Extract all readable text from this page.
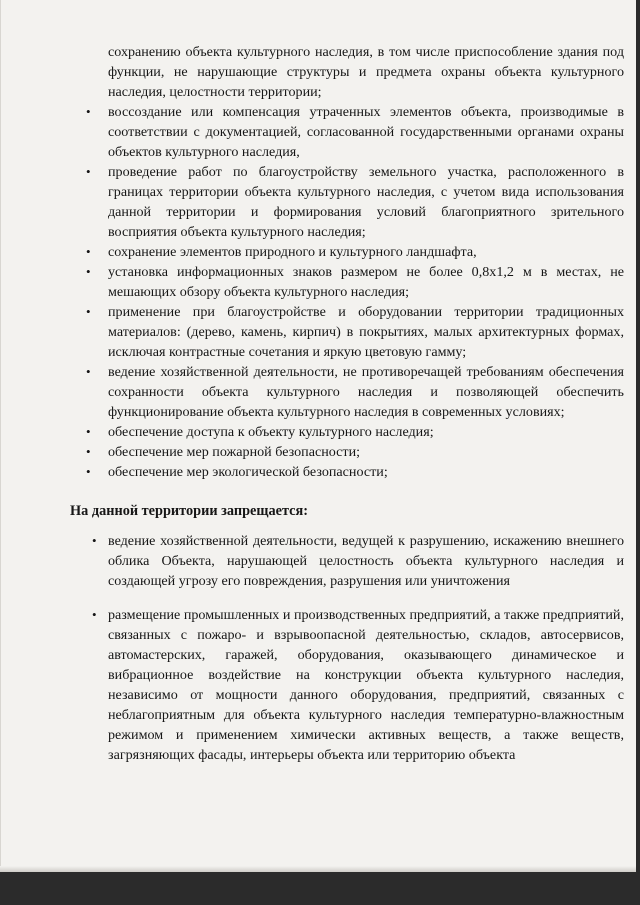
сохранению объекта культурного наследия, в том числе приспособление здания под функции, не нарушающие структуры и предмета охраны объекта культурного наследия, целостности территории;

• воссоздание или компенсация утраченных элементов объекта, производимые в соответствии с документацией, согласованной государственными органами охраны объектов культурного наследия,
• проведение работ по благоустройству земельного участка, расположенного в границах территории объекта культурного наследия, с учетом вида использования данной территории и формирования условий благоприятного зрительного восприятия объекта культурного наследия;
• сохранение элементов природного и культурного ландшафта,
• установка информационных знаков размером не более 0,8х1,2 м в местах, не мешающих обзору объекта культурного наследия;
• применение при благоустройстве и оборудовании территории традиционных материалов: (дерево, камень, кирпич) в покрытиях, малых архитектурных формах, исключая контрастные сочетания и яркую цветовую гамму;
• ведение хозяйственной деятельности, не противоречащей требованиям обеспечения сохранности объекта культурного наследия и позволяющей обеспечить функционирование объекта культурного наследия в современных условиях;
• обеспечение доступа к объекту культурного наследия;
• обеспечение мер пожарной безопасности;
• обеспечение мер экологической безопасности;
На данной территории запрещается:
• ведение хозяйственной деятельности, ведущей к разрушению, искажению внешнего облика Объекта, нарушающей целостность объекта культурного наследия и создающей угрозу его повреждения, разрушения или уничтожения
• размещение промышленных и производственных предприятий, а также предприятий, связанных с пожаро- и взрывоопасной деятельностью, складов, автосервисов, автомастерских, гаражей, оборудования, оказывающего динамическое и вибрационное воздействие на конструкции объекта культурного наследия, независимо от мощности данного оборудования, предприятий, связанных с неблагоприятным для объекта культурного наследия температурно-влажностным режимом и применением химически активных веществ, а также веществ, загрязняющих фасады, интерьеры объекта или территорию объекта
